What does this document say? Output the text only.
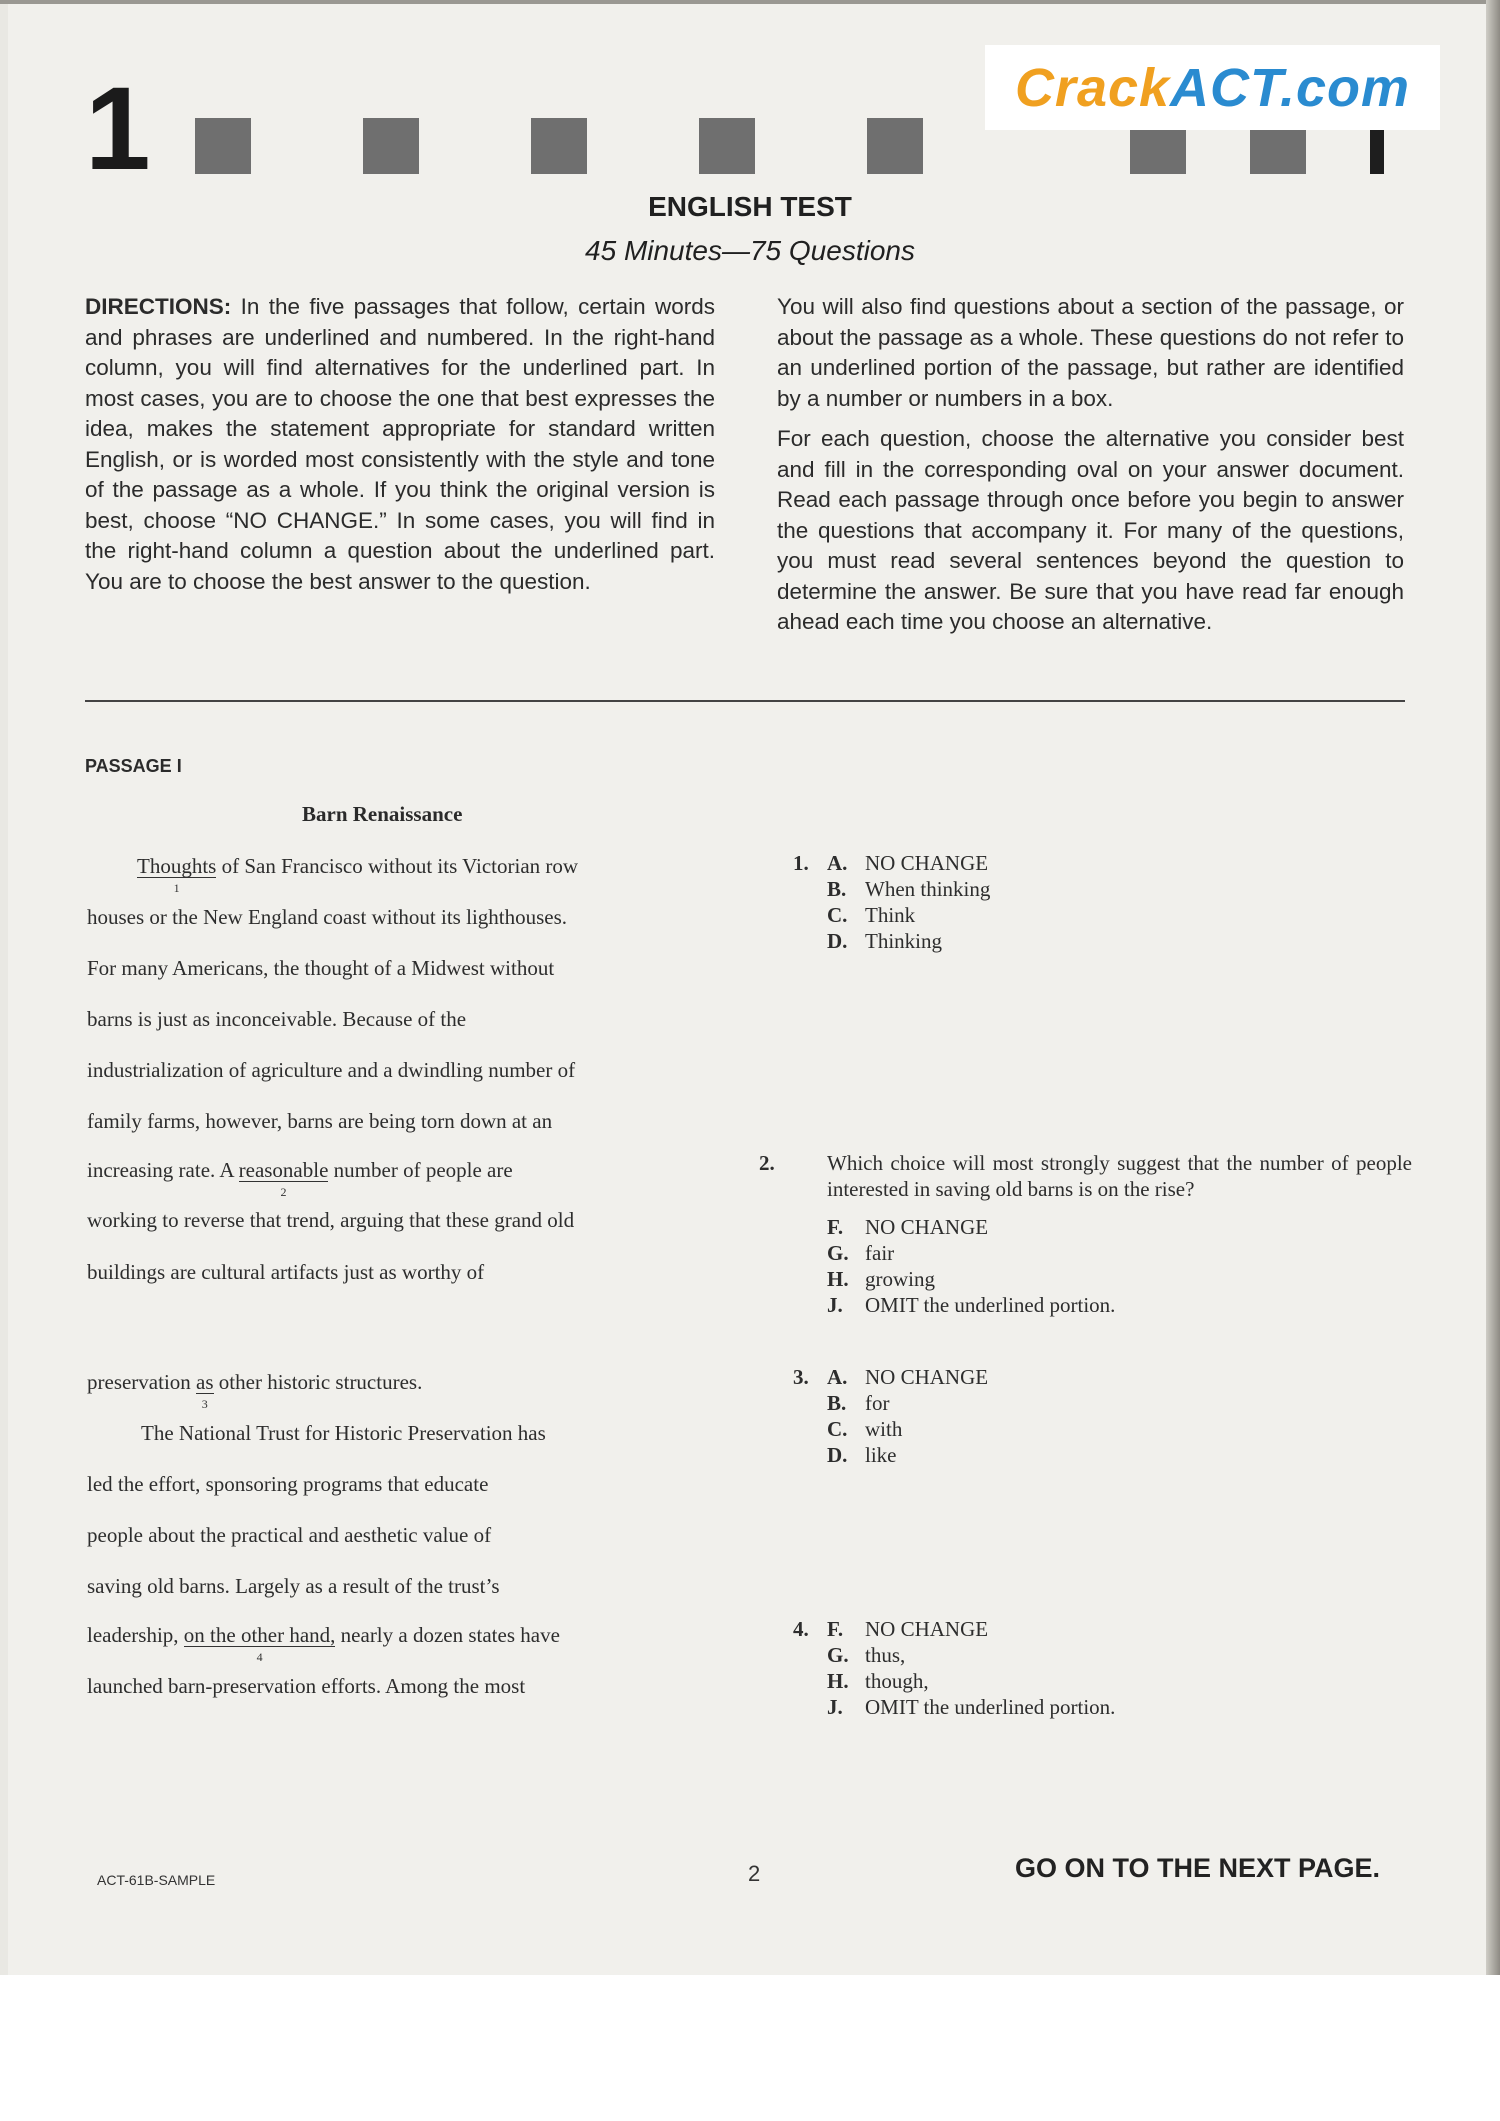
1	Crack ACT.com
ENGLISH TEST
45 Minutes—75 Questions

DIRECTIONS: In the five passages that follow, certain words and phrases are underlined and numbered. In the right-hand column, you will find alternatives for the underlined part. In most cases, you are to choose the one that best expresses the idea, makes the statement appropriate for standard written English, or is worded most consistently with the style and tone of the passage as a whole. If you think the original version is best, choose “NO CHANGE.” In some cases, you will find in the right-hand column a question about the underlined part. You are to choose the best answer to the question.

You will also find questions about a section of the passage, or about the passage as a whole. These questions do not refer to an underlined portion of the passage, but rather are identified by a number or numbers in a box.

For each question, choose the alternative you consider best and fill in the corresponding oval on your answer document. Read each passage through once before you begin to answer the questions that accompany it. For many of the questions, you must read several sentences beyond the question to determine the answer. Be sure that you have read far enough ahead each time you choose an alternative.

PASSAGE I
Barn Renaissance
Thoughts
1
of San Francisco without its Victorian row
houses or the New England coast without its lighthouses.
For many Americans, the thought of a Midwest without
barns is just as inconceivable. Because of the
industrialization of agriculture and a dwindling number of
family farms, however, barns are being torn down at an
increasing rate. A reasonable
2
number of people are
working to reverse that trend, arguing that these grand old
buildings are cultural artifacts just as worthy of
preservation as
3
other historic structures.
The National Trust for Historic Preservation has
led the effort, sponsoring programs that educate
people about the practical and aesthetic value of
saving old barns. Largely as a result of the trust’s
leadership, on the other hand,
4
nearly a dozen states have
launched barn-preservation efforts. Among the most
1. A. NO CHANGE
B. When thinking
C. Think
D. Thinking
2. Which choice will most strongly suggest that the number of people interested in saving old barns is on the rise?
F. NO CHANGE
G. fair
H. growing
J. OMIT the underlined portion.
3. A. NO CHANGE
B. for
C. with
D. like
4. F. NO CHANGE
G. thus,
H. though,
J. OMIT the underlined portion.
ACT-61B-SAMPLE	2	GO ON TO THE NEXT PAGE.
